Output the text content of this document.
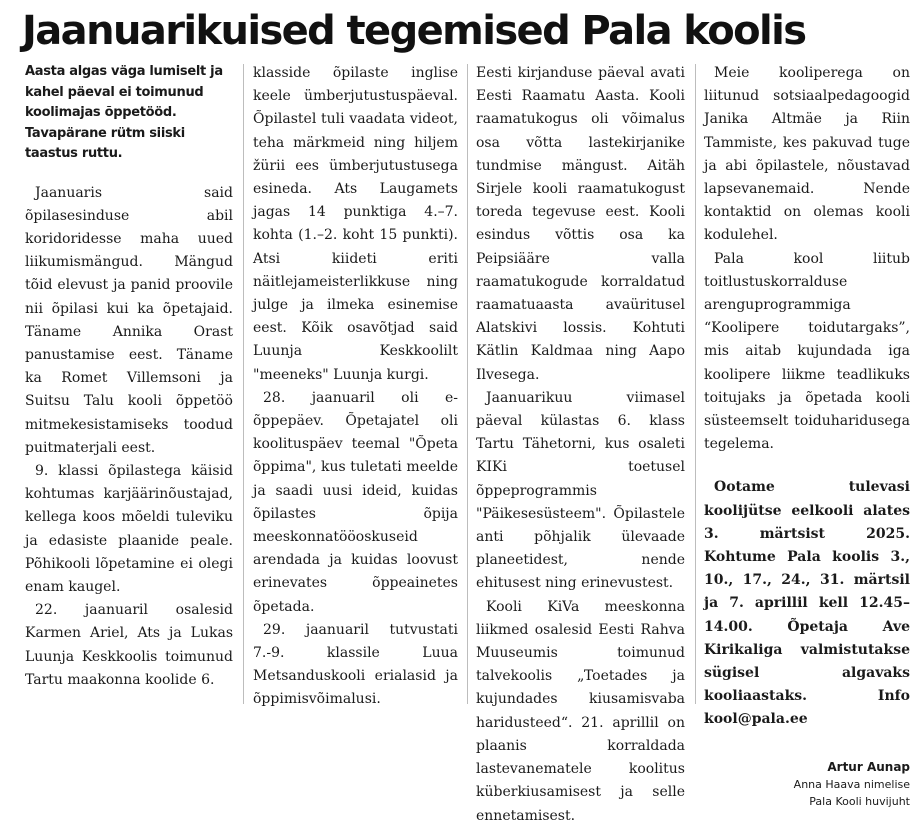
Jaanuarikuised tegemised Pala koolis

Aasta algas väga lumiselt ja kahel päeval ei toimunud koolimajas õppetööd. Tavapärane rütm siiski taastus ruttu.

Jaanuaris said õpilasesinduse abil koridoridesse maha uued liikumismängud. Mängud tõid elevust ja panid proovile nii õpilasi kui ka õpetajaid. Täname Annika Orast panustamise eest. Täname ka Romet Villemsoni ja Suitsu Talu kooli õppetöö mitmekesistamiseks toodud puitmaterjali eest.

9. klassi õpilastega käisid kohtumas karjäärinõustajad, kellega koos mõeldi tuleviku ja edasiste plaanide peale. Põhikooli lõpetamine ei olegi enam kaugel.

22. jaanuaril osalesid Karmen Ariel, Ats ja Lukas Luunja Keskkoolis toimunud Tartu maakonna koolide 6.

klasside õpilaste inglise keele ümberjutustuspäeval. Õpilastel tuli vaadata videot, teha märkmeid ning hiljem žürii ees ümberjutustusega esineda. Ats Laugamets jagas 14 punktiga 4.–7. kohta (1.–2. koht 15 punkti). Atsi kiideti eriti näitlejameisterlikkuse ning julge ja ilmeka esinemise eest. Kõik osavõtjad said Luunja Keskkoolilt "meeneks" Luunja kurgi.

28. jaanuaril oli e-õppepäev. Õpetajatel oli koolituspäev teemal "Õpeta õppima", kus tuletati meelde ja saadi uusi ideid, kuidas õpilastes õpija meeskonnatööoskuseid arendada ja kuidas loovust erinevates õppeainetes õpetada.

29. jaanuaril tutvustati 7.-9. klassile Luua Metsanduskooli erialasid ja õppimisvõimalusi.

Eesti kirjanduse päeval avati Eesti Raamatu Aasta. Kooli raamatukogus oli võimalus osa võtta lastekirjanike tundmise mängust. Aitäh Sirjele kooli raamatukogust toreda tegevuse eest. Kooli esindus võttis osa ka Peipsiääre valla raamatukogude korraldatud raamatuaasta avaüritusel Alatskivi lossis. Kohtuti Kätlin Kaldmaa ning Aapo Ilvesega.

Jaanuarikuu viimasel päeval külastas 6. klass Tartu Tähetorni, kus osaleti KIKi toetusel õppeprogrammis "Päikesesüsteem". Õpilastele anti põhjalik ülevaade planeetidest, nende ehitusest ning erinevustest.

Kooli KiVa meeskonna liikmed osalesid Eesti Rahva Muuseumis toimunud talvekoolis „Toetades ja kujundades kiusamisvaba haridusteed“. 21. aprillil on plaanis korraldada lastevanematele koolitus küberkiusamisest ja selle ennetamisest.

Meie kooliperega on liitunud sotsiaalpedagoogid Janika Altmäe ja Riin Tammiste, kes pakuvad tuge ja abi õpilastele, nõustavad lapsevanemaid. Nende kontaktid on olemas kooli kodulehel.

Pala kool liitub toitlustuskorralduse arenguprogrammiga “Koolipere toidutargaks”, mis aitab kujundada iga koolipere liikme teadlikuks toitujaks ja õpetada kooli süsteemselt toiduharidusega tegelema.

Ootame tulevasi koolijütse eelkooli alates 3. märtsist 2025. Kohtume Pala koolis 3., 10., 17., 24., 31. märtsil ja 7. aprillil kell 12.45–14.00. Õpetaja Ave Kirikaliga valmistutakse sügisel algavaks kooliaastaks. Info kool@pala.ee

Artur Aunap

Anna Haava nimelise

Pala Kooli huvijuht
